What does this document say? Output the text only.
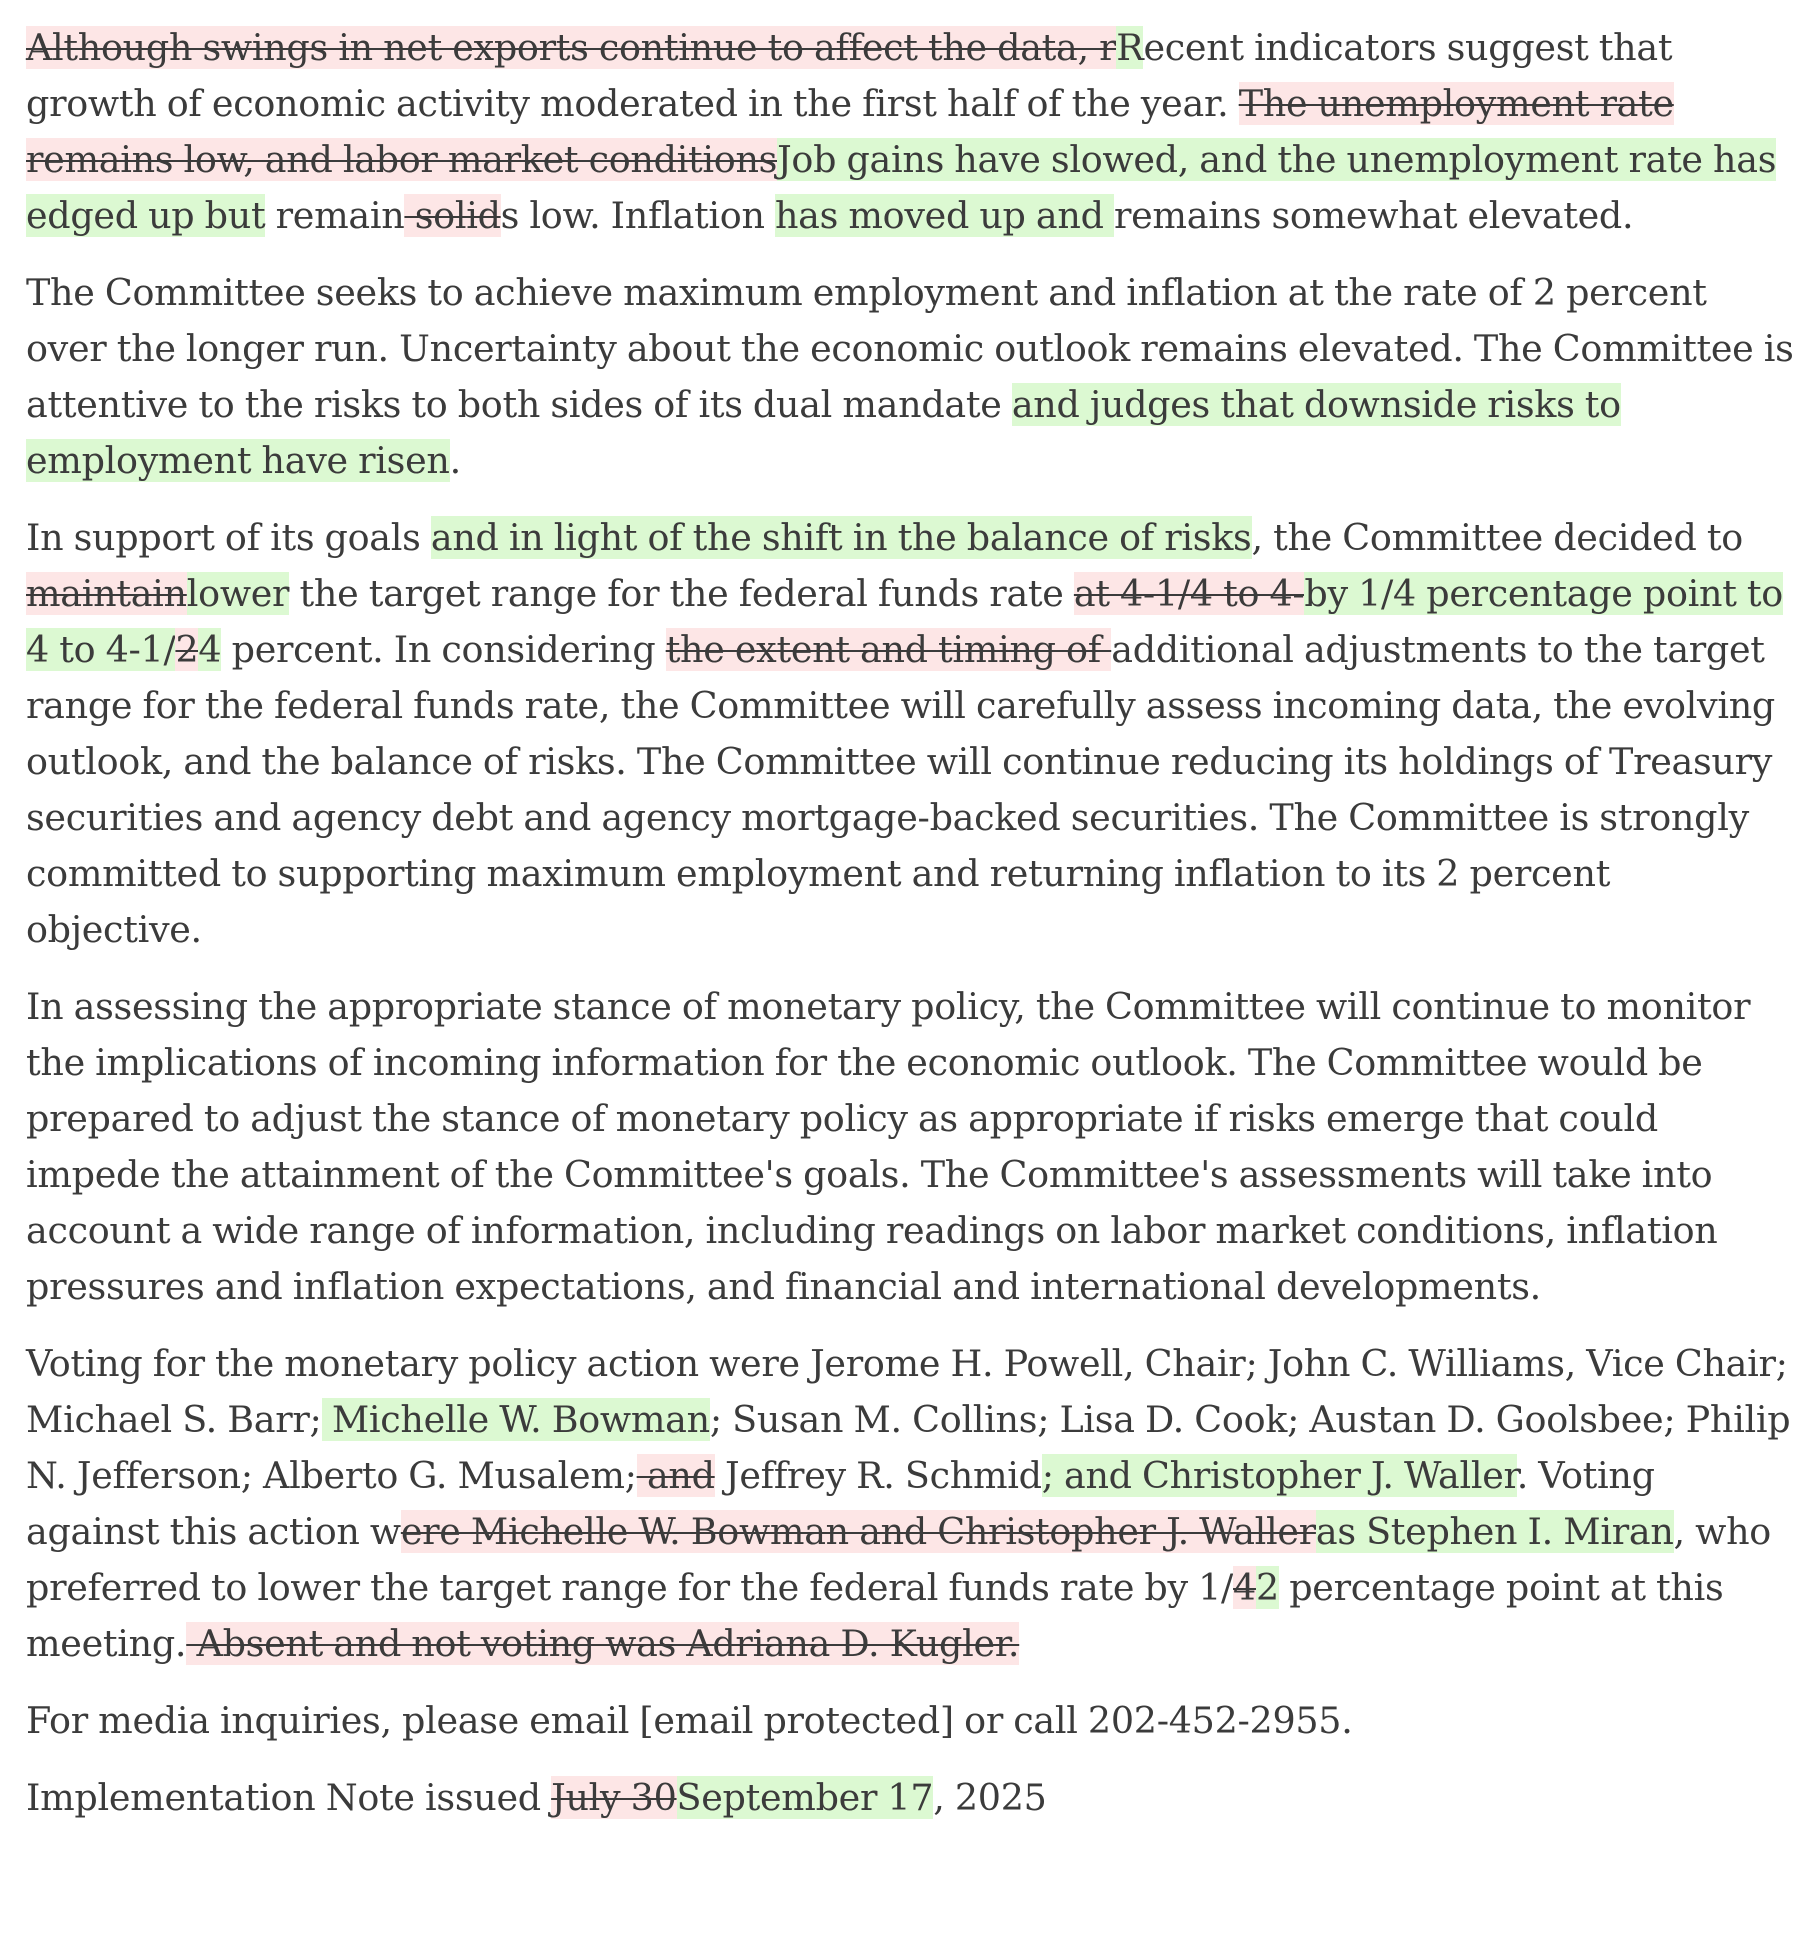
Although swings in net exports continue to affect the data, rRecent indicators suggest that growth of economic activity moderated in the first half of the year. The unemployment rate remains low, and labor market conditionsJob gains have slowed, and the unemployment rate has edged up but remain solids low. Inflation has moved up and remains somewhat elevated.

The Committee seeks to achieve maximum employment and inflation at the rate of 2 percent over the longer run. Uncertainty about the economic outlook remains elevated. The Committee is attentive to the risks to both sides of its dual mandate and judges that downside risks to employment have risen.

In support of its goals and in light of the shift in the balance of risks, the Committee decided to maintainlower the target range for the federal funds rate at 4-1/4 to 4-by 1/4 percentage point to 4 to 4-1/24 percent. In considering the extent and timing of additional adjustments to the target range for the federal funds rate, the Committee will carefully assess incoming data, the evolving outlook, and the balance of risks. The Committee will continue reducing its holdings of Treasury securities and agency debt and agency mortgage-backed securities. The Committee is strongly committed to supporting maximum employment and returning inflation to its 2 percent objective.

In assessing the appropriate stance of monetary policy, the Committee will continue to monitor the implications of incoming information for the economic outlook. The Committee would be prepared to adjust the stance of monetary policy as appropriate if risks emerge that could impede the attainment of the Committee's goals. The Committee's assessments will take into account a wide range of information, including readings on labor market conditions, inflation pressures and inflation expectations, and financial and international developments.

Voting for the monetary policy action were Jerome H. Powell, Chair; John C. Williams, Vice Chair; Michael S. Barr; Michelle W. Bowman; Susan M. Collins; Lisa D. Cook; Austan D. Goolsbee; Philip N. Jefferson; Alberto G. Musalem; and Jeffrey R. Schmid; and Christopher J. Waller. Voting against this action were Michelle W. Bowman and Christopher J. Walleras Stephen I. Miran, who preferred to lower the target range for the federal funds rate by 1/42 percentage point at this meeting. Absent and not voting was Adriana D. Kugler.

For media inquiries, please email [email protected] or call 202-452-2955.

Implementation Note issued July 30September 17, 2025
